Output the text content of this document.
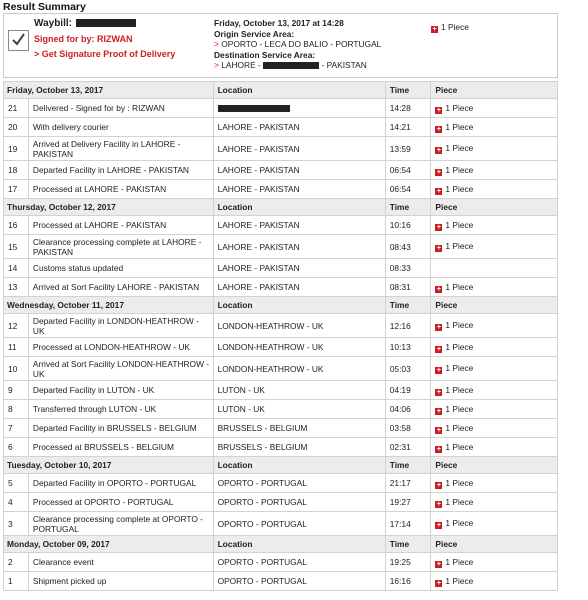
Result Summary
Waybill:
Signed for by: RIZWAN
> Get Signature Proof of Delivery
Friday, October 13, 2017 at 14:28
Origin Service Area:
> OPORTO - LECA DO BALIO - PORTUGAL
Destination Service Area:
> LAHORE -	- PAKISTAN
+ 1 Piece
Friday, October 13, 2017		Location	Time	Piece
21	Delivered - Signed for by : RIZWAN		14:28	+ 1 Piece
20	With delivery courier	LAHORE - PAKISTAN	14:21	+ 1 Piece
19	Arrived at Delivery Facility in LAHORE - PAKISTAN	LAHORE - PAKISTAN	13:59	+ 1 Piece
18	Departed Facility in LAHORE - PAKISTAN	LAHORE - PAKISTAN	06:54	+ 1 Piece
17	Processed at LAHORE - PAKISTAN	LAHORE - PAKISTAN	06:54	+ 1 Piece
Thursday, October 12, 2017		Location	Time	Piece
16	Processed at LAHORE - PAKISTAN	LAHORE - PAKISTAN	10:16	+ 1 Piece
15	Clearance processing complete at LAHORE - PAKISTAN	LAHORE - PAKISTAN	08:43	+ 1 Piece
14	Customs status updated	LAHORE - PAKISTAN	08:33	
13	Arrived at Sort Facility LAHORE - PAKISTAN	LAHORE - PAKISTAN	08:31	+ 1 Piece
Wednesday, October 11, 2017		Location	Time	Piece
12	Departed Facility in LONDON-HEATHROW - UK	LONDON-HEATHROW - UK	12:16	+ 1 Piece
11	Processed at LONDON-HEATHROW - UK	LONDON-HEATHROW - UK	10:13	+ 1 Piece
10	Arrived at Sort Facility LONDON-HEATHROW - UK	LONDON-HEATHROW - UK	05:03	+ 1 Piece
9	Departed Facility in LUTON - UK	LUTON - UK	04:19	+ 1 Piece
8	Transferred through LUTON - UK	LUTON - UK	04:06	+ 1 Piece
7	Departed Facility in BRUSSELS - BELGIUM	BRUSSELS - BELGIUM	03:58	+ 1 Piece
6	Processed at BRUSSELS - BELGIUM	BRUSSELS - BELGIUM	02:31	+ 1 Piece
Tuesday, October 10, 2017		Location	Time	Piece
5	Departed Facility in OPORTO - PORTUGAL	OPORTO - PORTUGAL	21:17	+ 1 Piece
4	Processed at OPORTO - PORTUGAL	OPORTO - PORTUGAL	19:27	+ 1 Piece
3	Clearance processing complete at OPORTO - PORTUGAL	OPORTO - PORTUGAL	17:14	+ 1 Piece
Monday, October 09, 2017		Location	Time	Piece
2	Clearance event	OPORTO - PORTUGAL	19:25	+ 1 Piece
1	Shipment picked up	OPORTO - PORTUGAL	16:16	+ 1 Piece
